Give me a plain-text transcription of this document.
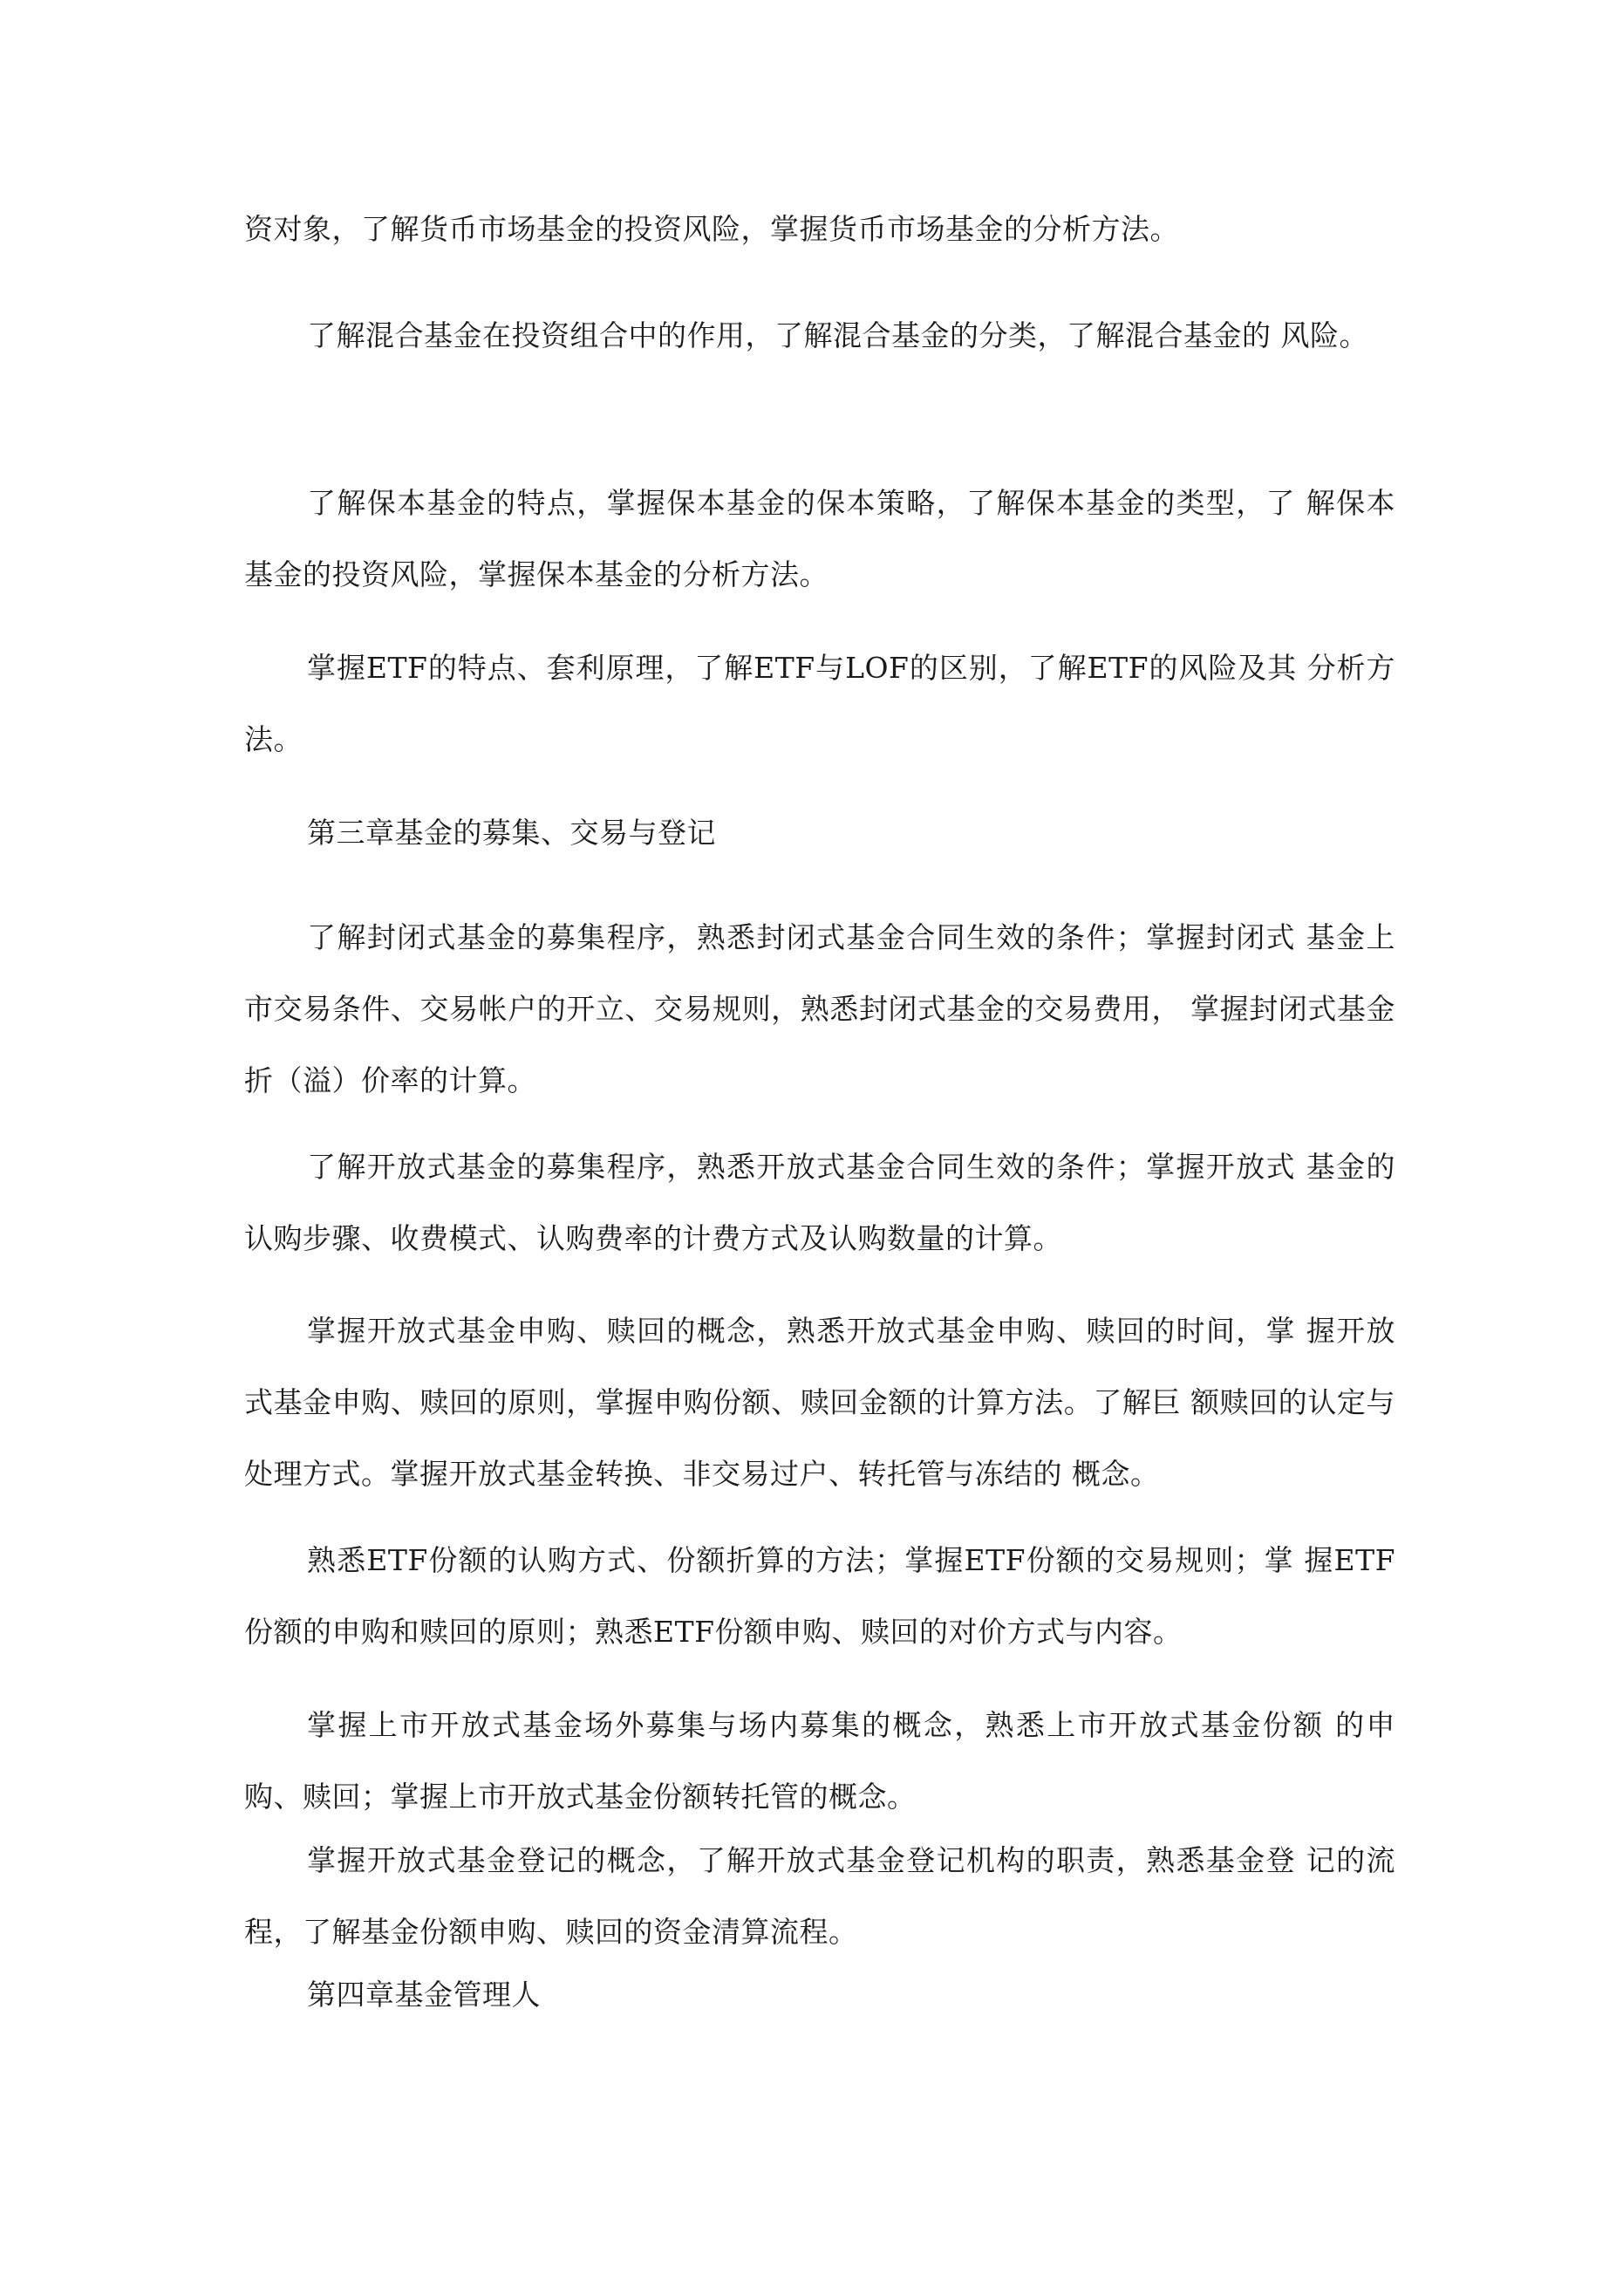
资对象，了解货币市场基金的投资风险，掌握货币市场基金的分析方法。

了解混合基金在投资组合中的作用，了解混合基金的分类，了解混合基金的 风险。

了解保本基金的特点，掌握保本基金的保本策略，了解保本基金的类型，了 解保本基金的投资风险，掌握保本基金的分析方法。

掌握ETF的特点、套利原理，了解ETF与LOF的区别，了解ETF的风险及其 分析方法。

第三章基金的募集、交易与登记

了解封闭式基金的募集程序，熟悉封闭式基金合同生效的条件；掌握封闭式 基金上市交易条件、交易帐户的开立、交易规则，熟悉封闭式基金的交易费用， 掌握封闭式基金折（溢）价率的计算。

了解开放式基金的募集程序，熟悉开放式基金合同生效的条件；掌握开放式 基金的认购步骤、收费模式、认购费率的计费方式及认购数量的计算。

掌握开放式基金申购、赎回的概念，熟悉开放式基金申购、赎回的时间，掌 握开放式基金申购、赎回的原则，掌握申购份额、赎回金额的计算方法。了解巨 额赎回的认定与处理方式。掌握开放式基金转换、非交易过户、转托管与冻结的 概念。

熟悉ETF份额的认购方式、份额折算的方法；掌握ETF份额的交易规则；掌 握ETF份额的申购和赎回的原则；熟悉ETF份额申购、赎回的对价方式与内容。

掌握上市开放式基金场外募集与场内募集的概念，熟悉上市开放式基金份额 的申购、赎回；掌握上市开放式基金份额转托管的概念。

掌握开放式基金登记的概念，了解开放式基金登记机构的职责，熟悉基金登 记的流程，了解基金份额申购、赎回的资金清算流程。

第四章基金管理人
